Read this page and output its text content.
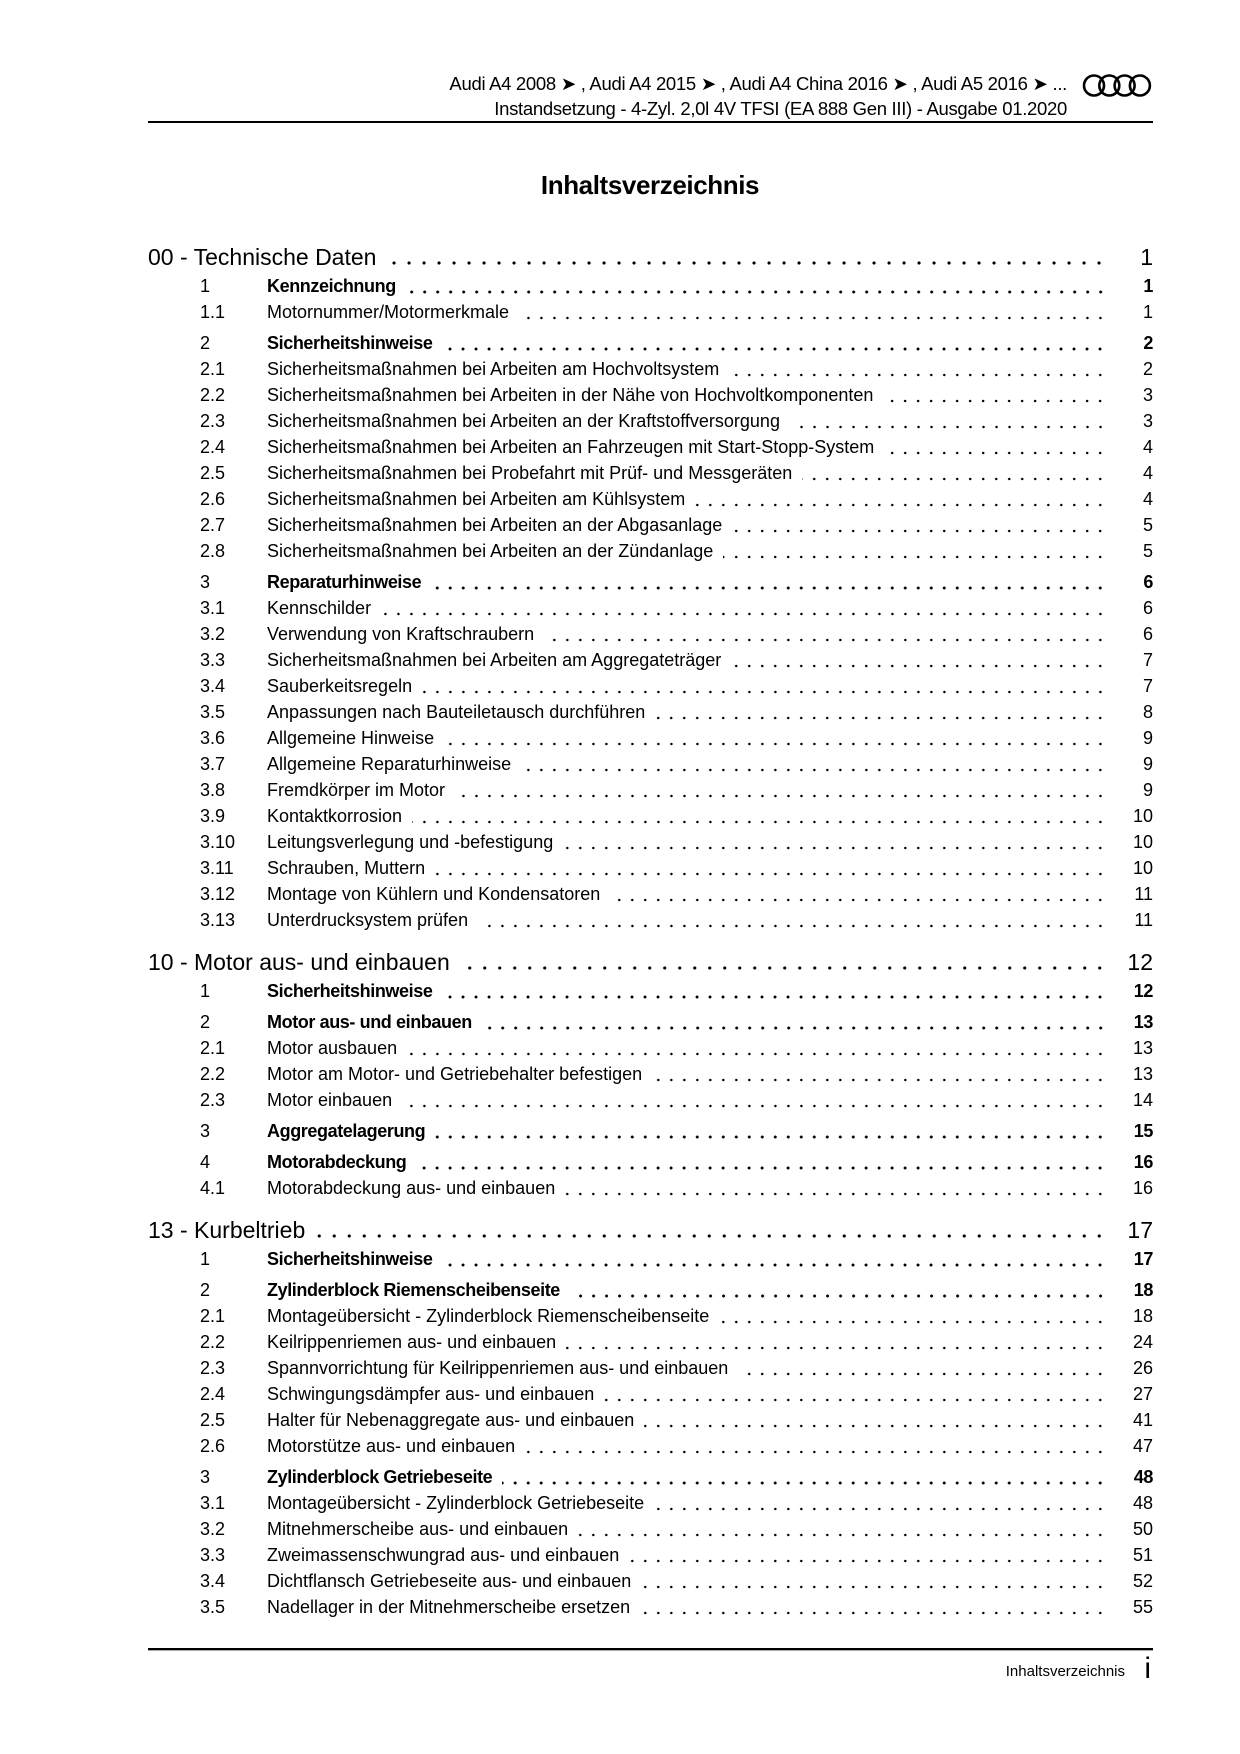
Audi A4 2008 ➤ , Audi A4 2015 ➤ , Audi A4 China 2016 ➤ , Audi A5 2016 ➤ ...
Instandsetzung - 4-Zyl. 2,0l 4V TFSI (EA 888 Gen III) - Ausgabe 01.2020
Inhaltsverzeichnis
00 - Technische Daten	1
1	Kennzeichnung	1
1.1	Motornummer/Motormerkmale	1
2	Sicherheitshinweise	2
2.1	Sicherheitsmaßnahmen bei Arbeiten am Hochvoltsystem	2
2.2	Sicherheitsmaßnahmen bei Arbeiten in der Nähe von Hochvoltkomponenten	3
2.3	Sicherheitsmaßnahmen bei Arbeiten an der Kraftstoffversorgung	3
2.4	Sicherheitsmaßnahmen bei Arbeiten an Fahrzeugen mit Start-Stopp-System	4
2.5	Sicherheitsmaßnahmen bei Probefahrt mit Prüf- und Messgeräten	4
2.6	Sicherheitsmaßnahmen bei Arbeiten am Kühlsystem	4
2.7	Sicherheitsmaßnahmen bei Arbeiten an der Abgasanlage	5
2.8	Sicherheitsmaßnahmen bei Arbeiten an der Zündanlage	5
3	Reparaturhinweise	6
3.1	Kennschilder	6
3.2	Verwendung von Kraftschraubern	6
3.3	Sicherheitsmaßnahmen bei Arbeiten am Aggregateträger	7
3.4	Sauberkeitsregeln	7
3.5	Anpassungen nach Bauteiletausch durchführen	8
3.6	Allgemeine Hinweise	9
3.7	Allgemeine Reparaturhinweise	9
3.8	Fremdkörper im Motor	9
3.9	Kontaktkorrosion	10
3.10	Leitungsverlegung und -befestigung	10
3.11	Schrauben, Muttern	10
3.12	Montage von Kühlern und Kondensatoren	11
3.13	Unterdrucksystem prüfen	11
10 - Motor aus- und einbauen	12
1	Sicherheitshinweise	12
2	Motor aus- und einbauen	13
2.1	Motor ausbauen	13
2.2	Motor am Motor- und Getriebehalter befestigen	13
2.3	Motor einbauen	14
3	Aggregatelagerung	15
4	Motorabdeckung	16
4.1	Motorabdeckung aus- und einbauen	16
13 - Kurbeltrieb	17
1	Sicherheitshinweise	17
2	Zylinderblock Riemenscheibenseite	18
2.1	Montageübersicht - Zylinderblock Riemenscheibenseite	18
2.2	Keilrippenriemen aus- und einbauen	24
2.3	Spannvorrichtung für Keilrippenriemen aus- und einbauen	26
2.4	Schwingungsdämpfer aus- und einbauen	27
2.5	Halter für Nebenaggregate aus- und einbauen	41
2.6	Motorstütze aus- und einbauen	47
3	Zylinderblock Getriebeseite	48
3.1	Montageübersicht - Zylinderblock Getriebeseite	48
3.2	Mitnehmerscheibe aus- und einbauen	50
3.3	Zweimassenschwungrad aus- und einbauen	51
3.4	Dichtflansch Getriebeseite aus- und einbauen	52
3.5	Nadellager in der Mitnehmerscheibe ersetzen	55
Inhaltsverzeichnis i
